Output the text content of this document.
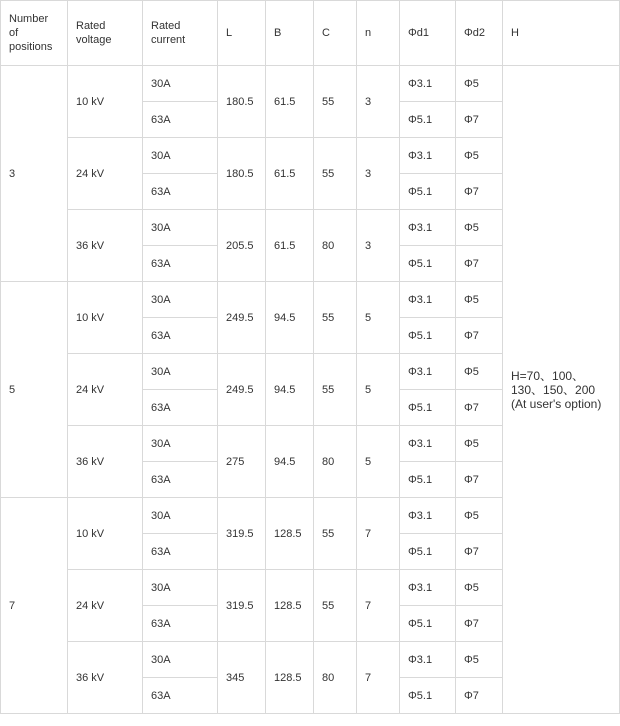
Number of positions	Rated voltage	Rated current	L	B	C	n	Φd1	Φd2	H
3	10 kV	30A	180.5	61.5	55	3	Φ3.1	Φ5	H=70、100、130、150、200
(At user's option)
		63A					Φ5.1	Φ7	
	24 kV	30A	180.5	61.5	55	3	Φ3.1	Φ5	
		63A					Φ5.1	Φ7	
	36 kV	30A	205.5	61.5	80	3	Φ3.1	Φ5	
		63A					Φ5.1	Φ7	
5	10 kV	30A	249.5	94.5	55	5	Φ3.1	Φ5	
		63A					Φ5.1	Φ7	
	24 kV	30A	249.5	94.5	55	5	Φ3.1	Φ5	
		63A					Φ5.1	Φ7	
	36 kV	30A	275	94.5	80	5	Φ3.1	Φ5	
		63A					Φ5.1	Φ7	
7	10 kV	30A	319.5	128.5	55	7	Φ3.1	Φ5	
		63A					Φ5.1	Φ7	
	24 kV	30A	319.5	128.5	55	7	Φ3.1	Φ5	
		63A					Φ5.1	Φ7	
	36 kV	30A	345	128.5	80	7	Φ3.1	Φ5	
		63A					Φ5.1	Φ7	
